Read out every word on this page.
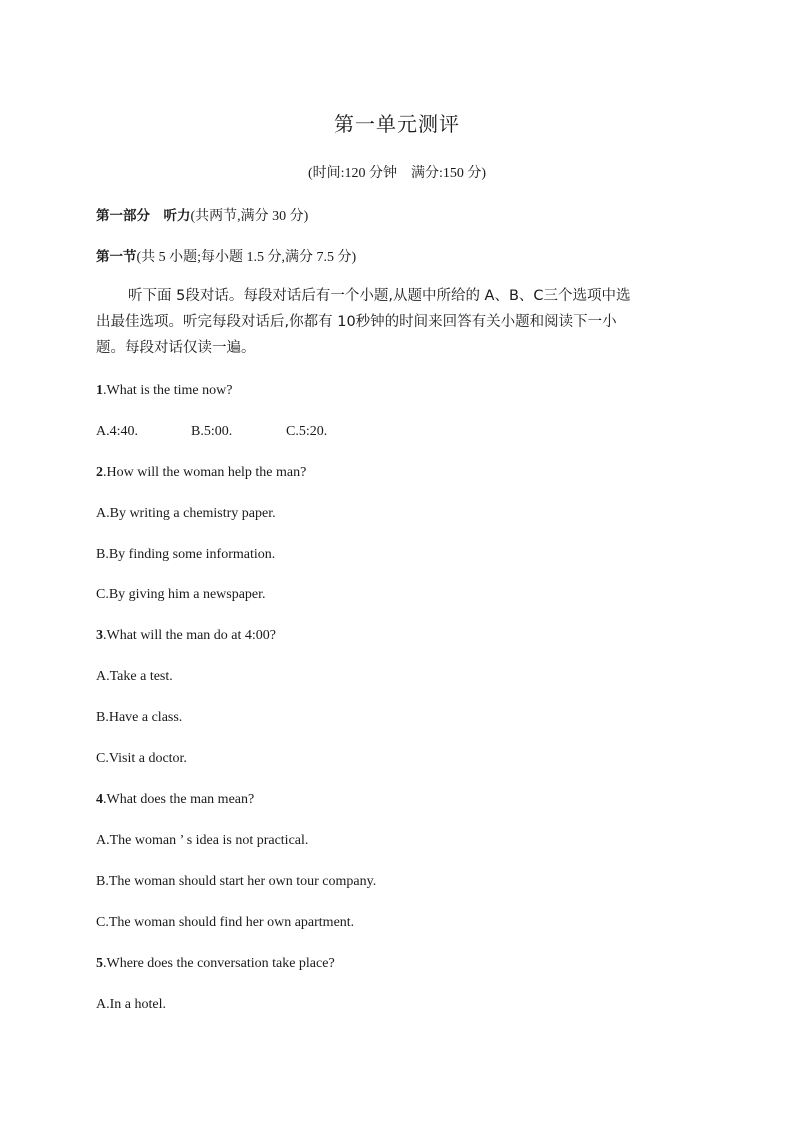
第一单元测评
(时间:120 分钟　满分:150 分)
第一部分　听力(共两节,满分 30 分)
第一节(共 5 小题;每小题 1.5 分,满分 7.5 分)
听下面 5段对话。每段对话后有一个小题,从题中所给的 A、B、C三个选项中选
出最佳选项。听完每段对话后,你都有 10秒钟的时间来回答有关小题和阅读下一小
题。每段对话仅读一遍。
1.What is the time now?
A.4:40.	B.5:00.	C.5:20.
2.How will the woman help the man?
A.By writing a chemistry paper.
B.By finding some information.
C.By giving him a newspaper.
3.What will the man do at 4:00?
A.Take a test.
B.Have a class.
C.Visit a doctor.
4.What does the man mean?
A.The woman ’ s idea is not practical.
B.The woman should start her own tour company.
C.The woman should find her own apartment.
5.Where does the conversation take place?
A.In a hotel.
